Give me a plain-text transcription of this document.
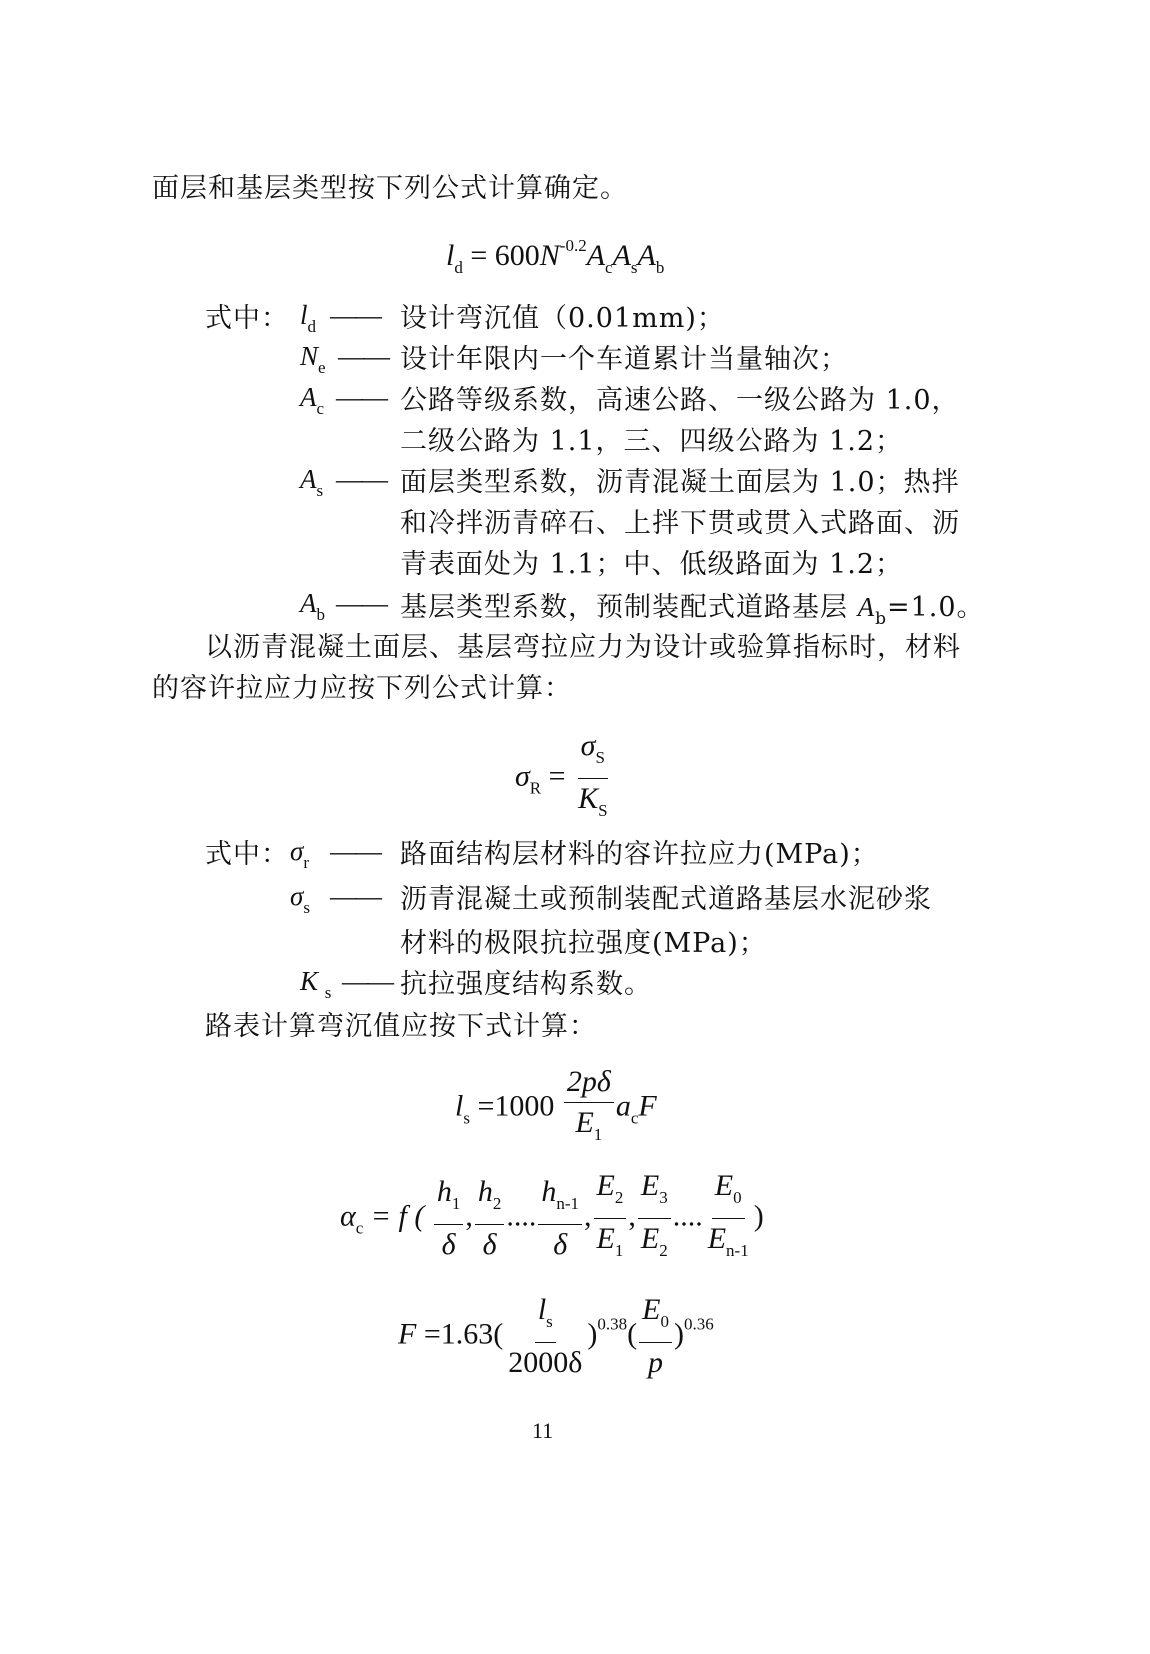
面层和基层类型按下列公式计算确定。
$l_d = 600N^{-0.2}A_cA_sA_b$
式中： $l_d$ —— 设计弯沉值（0.01mm)；
$N_e$ —— 设计年限内一个车道累计当量轴次；
$A_c$ —— 公路等级系数，高速公路、一级公路为 1.0，
二级公路为 1.1，三、四级公路为 1.2；
$A_s$ —— 面层类型系数，沥青混凝土面层为 1.0；热拌
和冷拌沥青碎石、上拌下贯或贯入式路面、沥
青表面处为 1.1；中、低级路面为 1.2；
$A_b$ —— 基层类型系数，预制装配式道路基层 $A_b=1.0$。
以沥青混凝土面层、基层弯拉应力为设计或验算指标时，材料
的容许拉应力应按下列公式计算：
$\sigma_R = \frac{\sigma_S}{K_S}$
式中： $\sigma_r$ —— 路面结构层材料的容许拉应力(MPa)；
$\sigma_s$ —— 沥青混凝土或预制装配式道路基层水泥砂浆
材料的极限抗拉强度(MPa)；
K $_s$ —— 抗拉强度结构系数。
路表计算弯沉值应按下式计算：
$l_s =1000 \frac{2p\delta}{E_1} a_cF$
$\alpha_c = f$ ( $\frac{h_1}{\delta}$ , $\frac{h_2}{\delta}$ .... $\frac{h_{n-1}}{\delta}$ , $\frac{E_2}{E_1}$ , $\frac{E_3}{E_2}$ .... $\frac{E_0}{E_{n-1}}$ )
$F =1.63( \frac{l_s}{2000\delta} )^{0.38}( \frac{E_0}{p} )^{0.36}$
11
